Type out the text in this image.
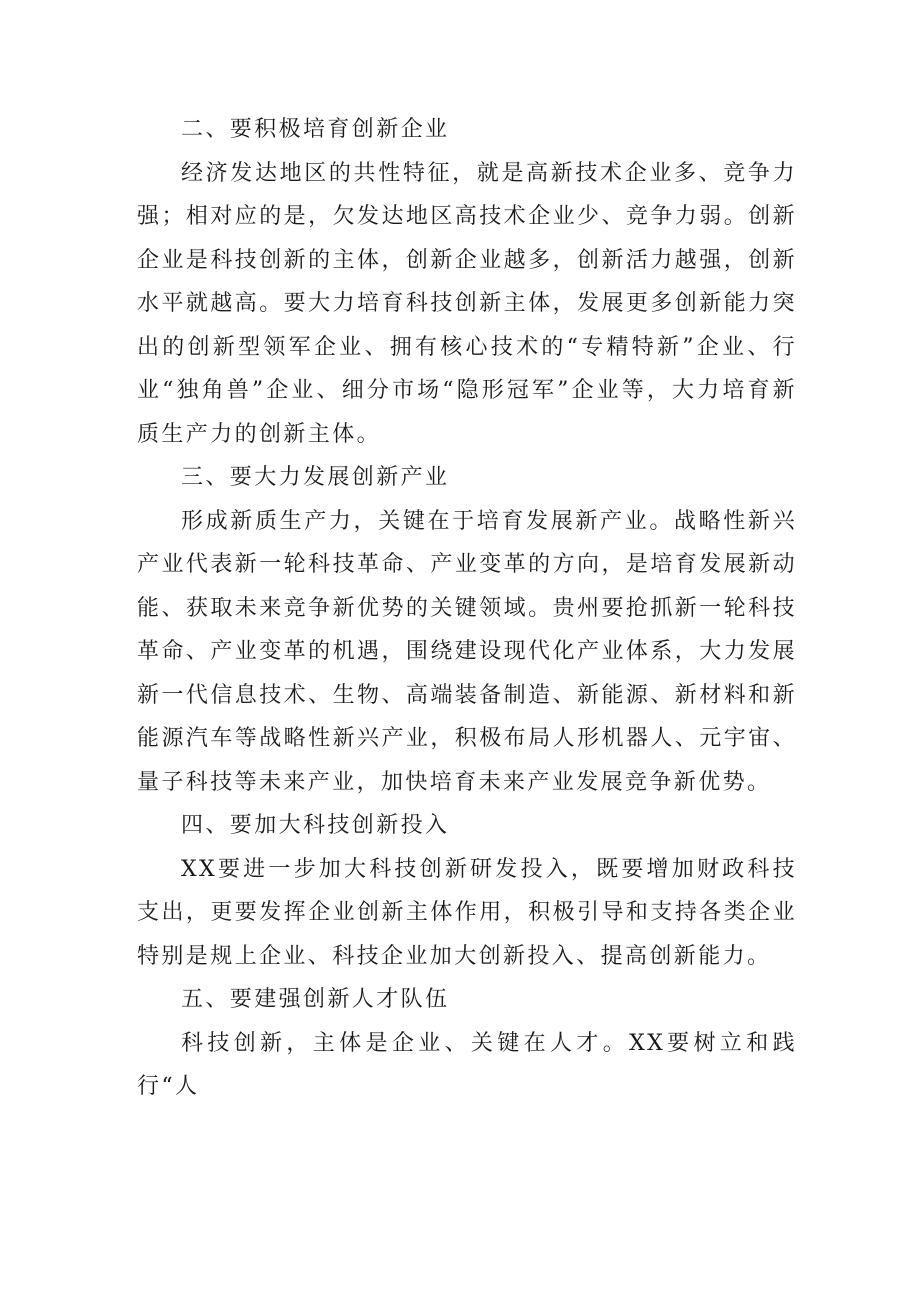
二、要积极培育创新企业

经济发达地区的共性特征，就是高新技术企业多、竞争力强；相对应的是，欠发达地区高技术企业少、竞争力弱。创新企业是科技创新的主体，创新企业越多，创新活力越强，创新水平就越高。要大力培育科技创新主体，发展更多创新能力突出的创新型领军企业、拥有核心技术的“专精特新”企业、行业“独角兽”企业、细分市场“隐形冠军”企业等，大力培育新质生产力的创新主体。

三、要大力发展创新产业

形成新质生产力，关键在于培育发展新产业。战略性新兴产业代表新一轮科技革命、产业变革的方向，是培育发展新动能、获取未来竞争新优势的关键领域。贵州要抢抓新一轮科技革命、产业变革的机遇，围绕建设现代化产业体系，大力发展新一代信息技术、生物、高端装备制造、新能源、新材料和新能源汽车等战略性新兴产业，积极布局人形机器人、元宇宙、量子科技等未来产业，加快培育未来产业发展竞争新优势。

四、要加大科技创新投入

XX要进一步加大科技创新研发投入，既要增加财政科技支出，更要发挥企业创新主体作用，积极引导和支持各类企业特别是规上企业、科技企业加大创新投入、提高创新能力。

五、要建强创新人才队伍

科技创新，主体是企业、关键在人才。XX要树立和践行“人
